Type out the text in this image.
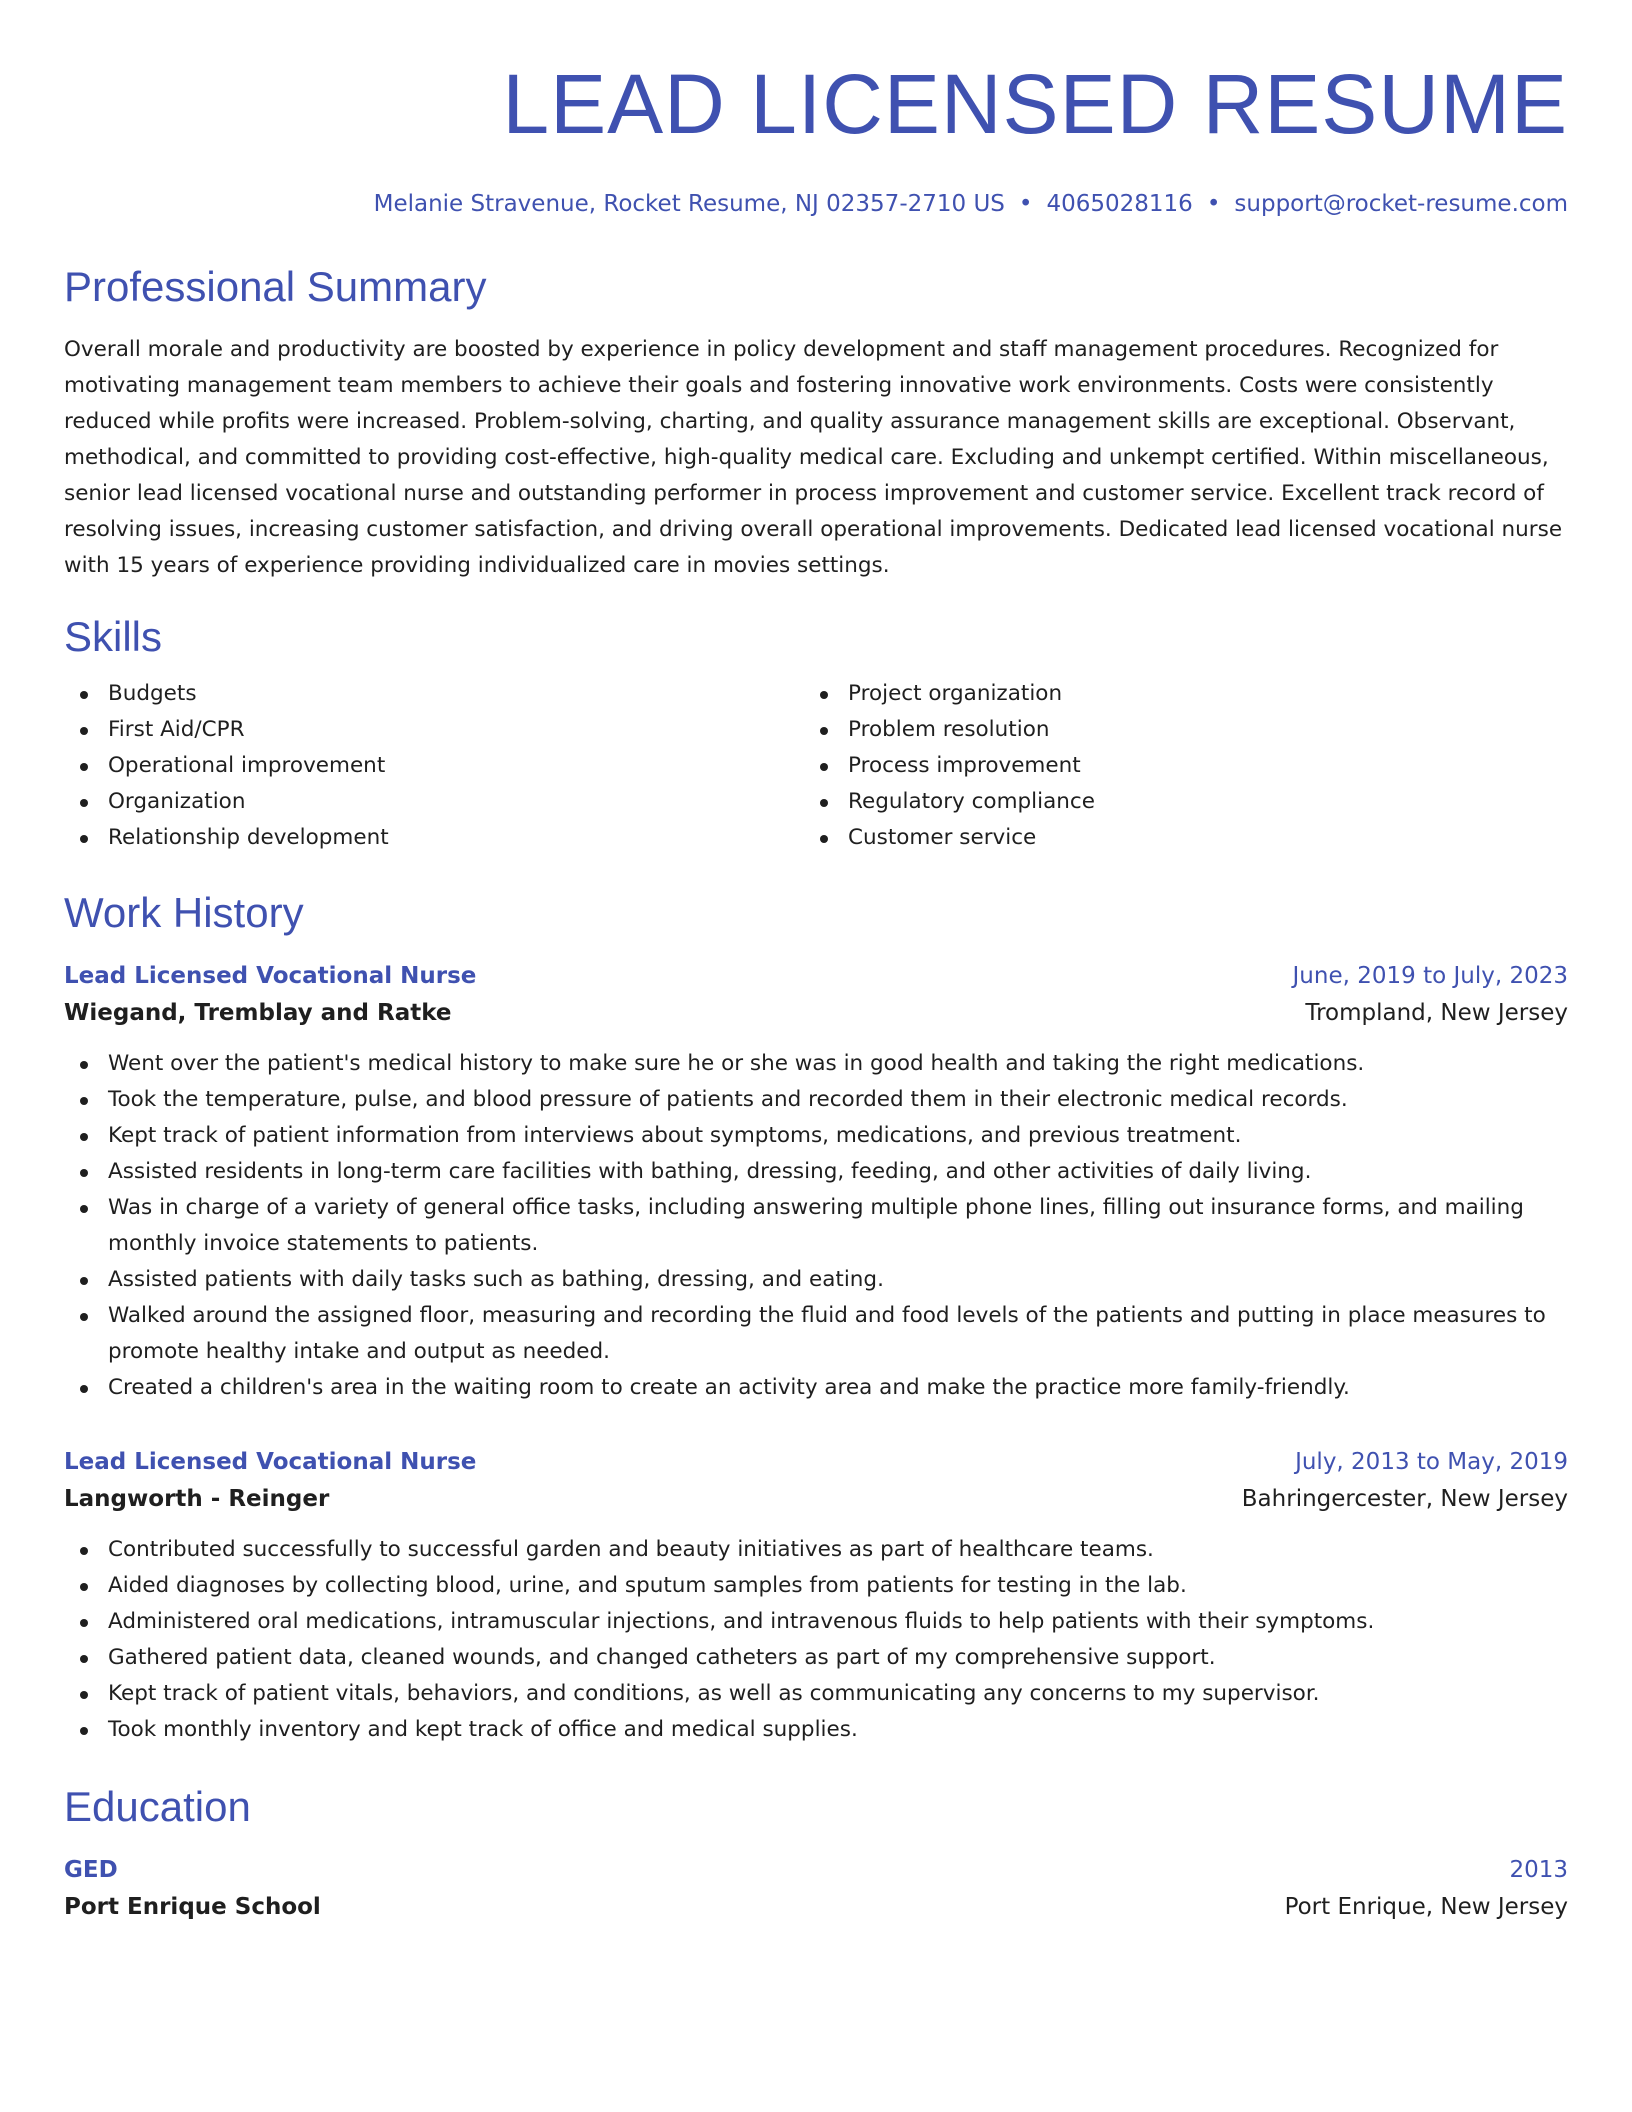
LEAD LICENSED RESUME
Melanie Stravenue, Rocket Resume, NJ 02357-2710 US • 4065028116 • support@rocket-resume.com
Professional Summary
Overall morale and productivity are boosted by experience in policy development and staff management procedures. Recognized for motivating management team members to achieve their goals and fostering innovative work environments. Costs were consistently reduced while profits were increased. Problem-solving, charting, and quality assurance management skills are exceptional. Observant, methodical, and committed to providing cost-effective, high-quality medical care. Excluding and unkempt certified. Within miscellaneous, senior lead licensed vocational nurse and outstanding performer in process improvement and customer service. Excellent track record of resolving issues, increasing customer satisfaction, and driving overall operational improvements. Dedicated lead licensed vocational nurse with 15 years of experience providing individualized care in movies settings.
Skills
Budgets
First Aid/CPR
Operational improvement
Organization
Relationship development
Project organization
Problem resolution
Process improvement
Regulatory compliance
Customer service
Work History
Lead Licensed Vocational Nurse	June, 2019 to July, 2023
Wiegand, Tremblay and Ratke	Trompland, New Jersey
Went over the patient's medical history to make sure he or she was in good health and taking the right medications.
Took the temperature, pulse, and blood pressure of patients and recorded them in their electronic medical records.
Kept track of patient information from interviews about symptoms, medications, and previous treatment.
Assisted residents in long-term care facilities with bathing, dressing, feeding, and other activities of daily living.
Was in charge of a variety of general office tasks, including answering multiple phone lines, filling out insurance forms, and mailing monthly invoice statements to patients.
Assisted patients with daily tasks such as bathing, dressing, and eating.
Walked around the assigned floor, measuring and recording the fluid and food levels of the patients and putting in place measures to promote healthy intake and output as needed.
Created a children's area in the waiting room to create an activity area and make the practice more family-friendly.
Lead Licensed Vocational Nurse	July, 2013 to May, 2019
Langworth - Reinger	Bahringercester, New Jersey
Contributed successfully to successful garden and beauty initiatives as part of healthcare teams.
Aided diagnoses by collecting blood, urine, and sputum samples from patients for testing in the lab.
Administered oral medications, intramuscular injections, and intravenous fluids to help patients with their symptoms.
Gathered patient data, cleaned wounds, and changed catheters as part of my comprehensive support.
Kept track of patient vitals, behaviors, and conditions, as well as communicating any concerns to my supervisor.
Took monthly inventory and kept track of office and medical supplies.
Education
GED	2013
Port Enrique School	Port Enrique, New Jersey
